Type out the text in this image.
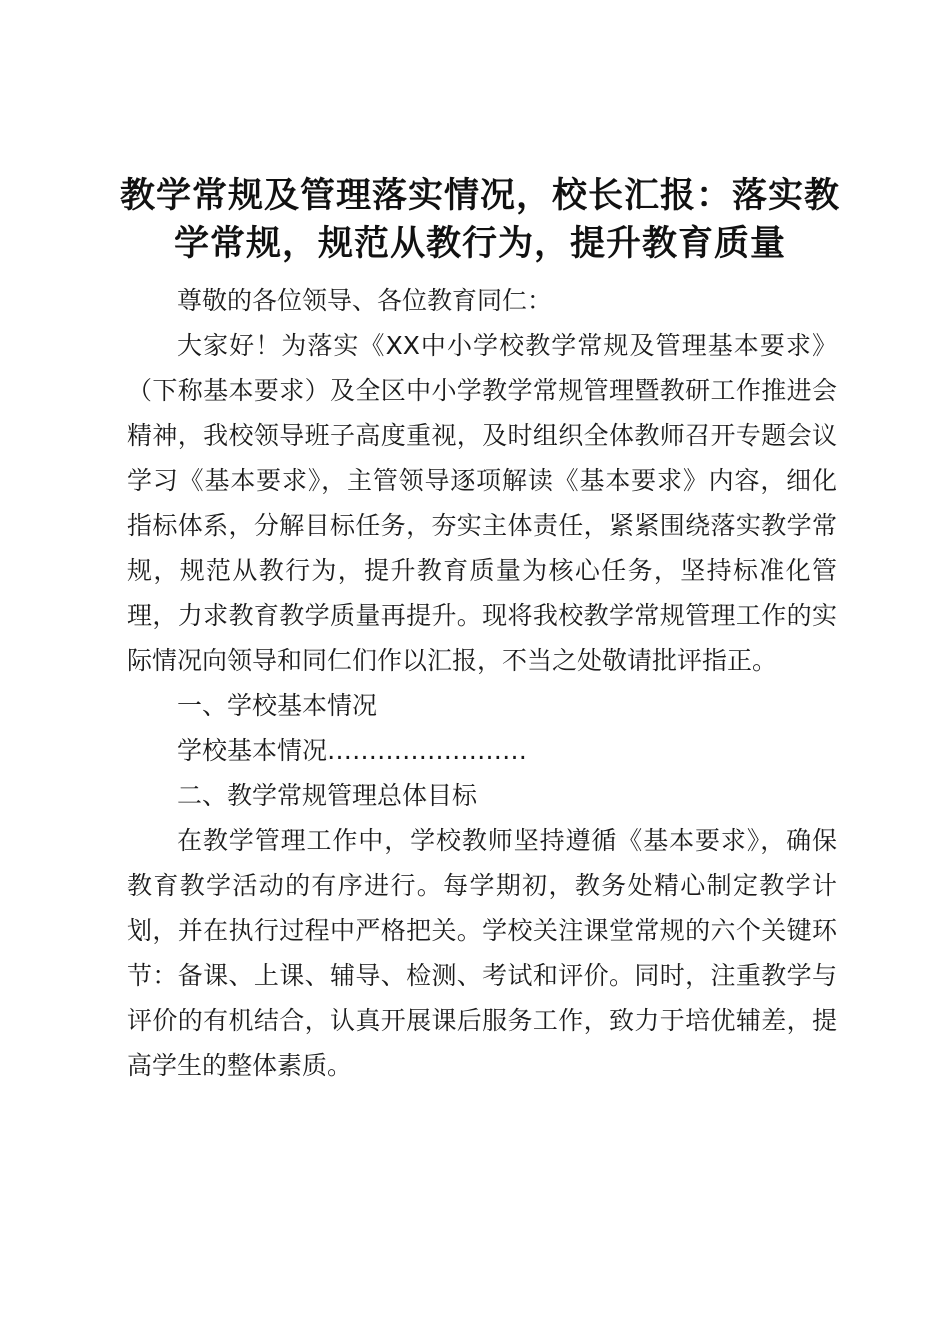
教学常规及管理落实情况，校长汇报：落实教
学常规，规范从教行为，提升教育质量

尊敬的各位领导、各位教育同仁：

大家好！为落实《XX中小学校教学常规及管理基本要求》（下称基本要求）及全区中小学教学常规管理暨教研工作推进会精神，我校领导班子高度重视，及时组织全体教师召开专题会议学习《基本要求》，主管领导逐项解读《基本要求》内容，细化指标体系，分解目标任务，夯实主体责任，紧紧围绕落实教学常规，规范从教行为，提升教育质量为核心任务，坚持标准化管理，力求教育教学质量再提升。现将我校教学常规管理工作的实际情况向领导和同仁们作以汇报，不当之处敬请批评指正。

一、学校基本情况

学校基本情况……………………

二、教学常规管理总体目标

在教学管理工作中，学校教师坚持遵循《基本要求》，确保教育教学活动的有序进行。每学期初，教务处精心制定教学计划，并在执行过程中严格把关。学校关注课堂常规的六个关键环节：备课、上课、辅导、检测、考试和评价。同时，注重教学与评价的有机结合，认真开展课后服务工作，致力于培优辅差，提高学生的整体素质。
